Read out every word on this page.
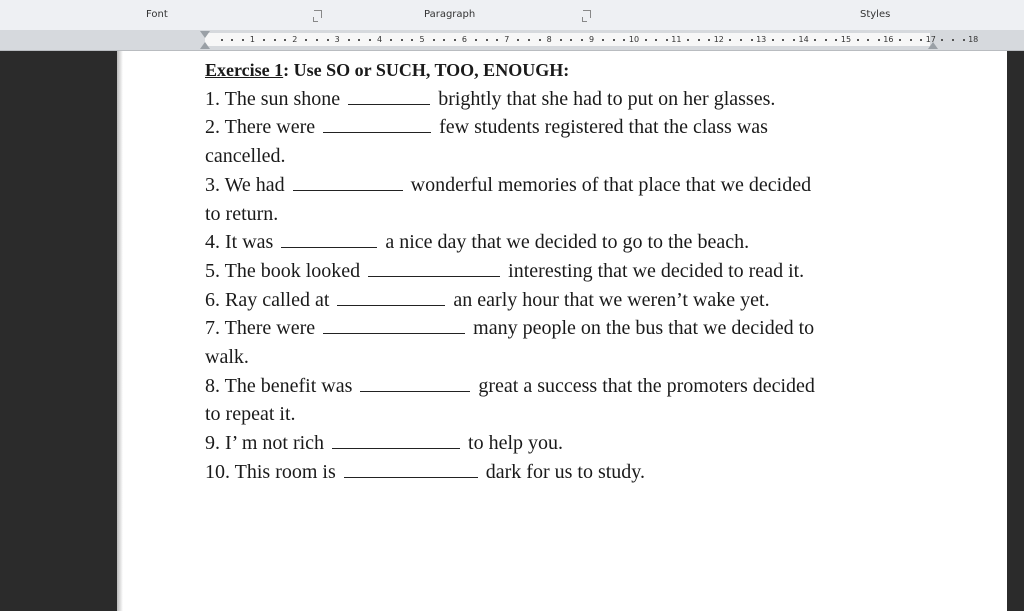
Font	Paragraph	Styles
1	2	3	4	5	6	7	8	9	10	11	12	13	14	15	16	17	18
Exercise 1: Use SO or SUCH, TOO, ENOUGH:
1. The sun shone	brightly that she had to put on her glasses.
2. There were	few students registered that the class was
cancelled.
3. We had	wonderful memories of that place that we decided
to return.
4. It was	a nice day that we decided to go to the beach.
5. The book looked	interesting that we decided to read it.
6. Ray called at	an early hour that we weren’t wake yet.
7. There were	many people on the bus that we decided to
walk.
8. The benefit was	great a success that the promoters decided
to repeat it.
9. I’ m not rich	to help you.
10. This room is	dark for us to study.
